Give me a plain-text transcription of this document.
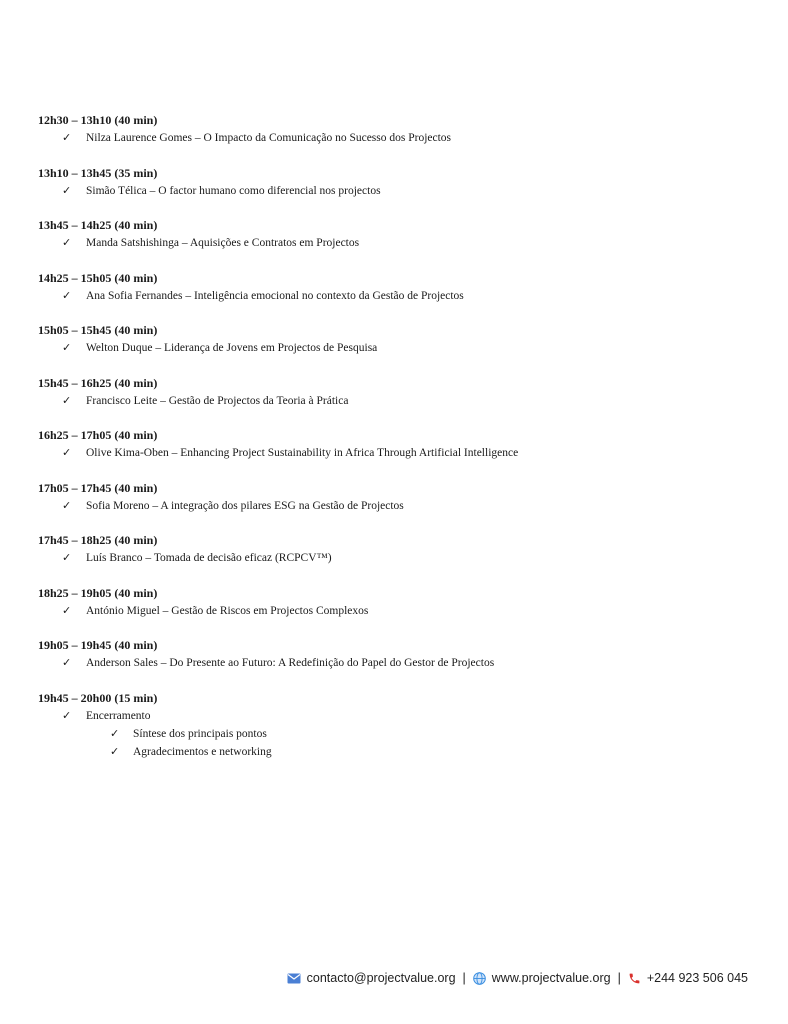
12h30 – 13h10 (40 min)
✓ Nilza Laurence Gomes – O Impacto da Comunicação no Sucesso dos Projectos
13h10 – 13h45 (35 min)
✓ Simão Télica – O factor humano como diferencial nos projectos
13h45 – 14h25 (40 min)
✓ Manda Satshishinga – Aquisições e Contratos em Projectos
14h25 – 15h05 (40 min)
✓ Ana Sofia Fernandes – Inteligência emocional no contexto da Gestão de Projectos
15h05 – 15h45 (40 min)
✓ Welton Duque – Liderança de Jovens em Projectos de Pesquisa
15h45 – 16h25 (40 min)
✓ Francisco Leite – Gestão de Projectos da Teoria à Prática
16h25 – 17h05 (40 min)
✓ Olive Kima-Oben – Enhancing Project Sustainability in Africa Through Artificial Intelligence
17h05 – 17h45 (40 min)
✓ Sofia Moreno – A integração dos pilares ESG na Gestão de Projectos
17h45 – 18h25 (40 min)
✓ Luís Branco – Tomada de decisão eficaz (RCPCV™)
18h25 – 19h05 (40 min)
✓ António Miguel – Gestão de Riscos em Projectos Complexos
19h05 – 19h45 (40 min)
✓ Anderson Sales – Do Presente ao Futuro: A Redefinição do Papel do Gestor de Projectos
19h45 – 20h00 (15 min)
✓ Encerramento
✓ Síntese dos principais pontos
✓ Agradecimentos e networking
contacto@projectvalue.org | www.projectvalue.org | +244 923 506 045
